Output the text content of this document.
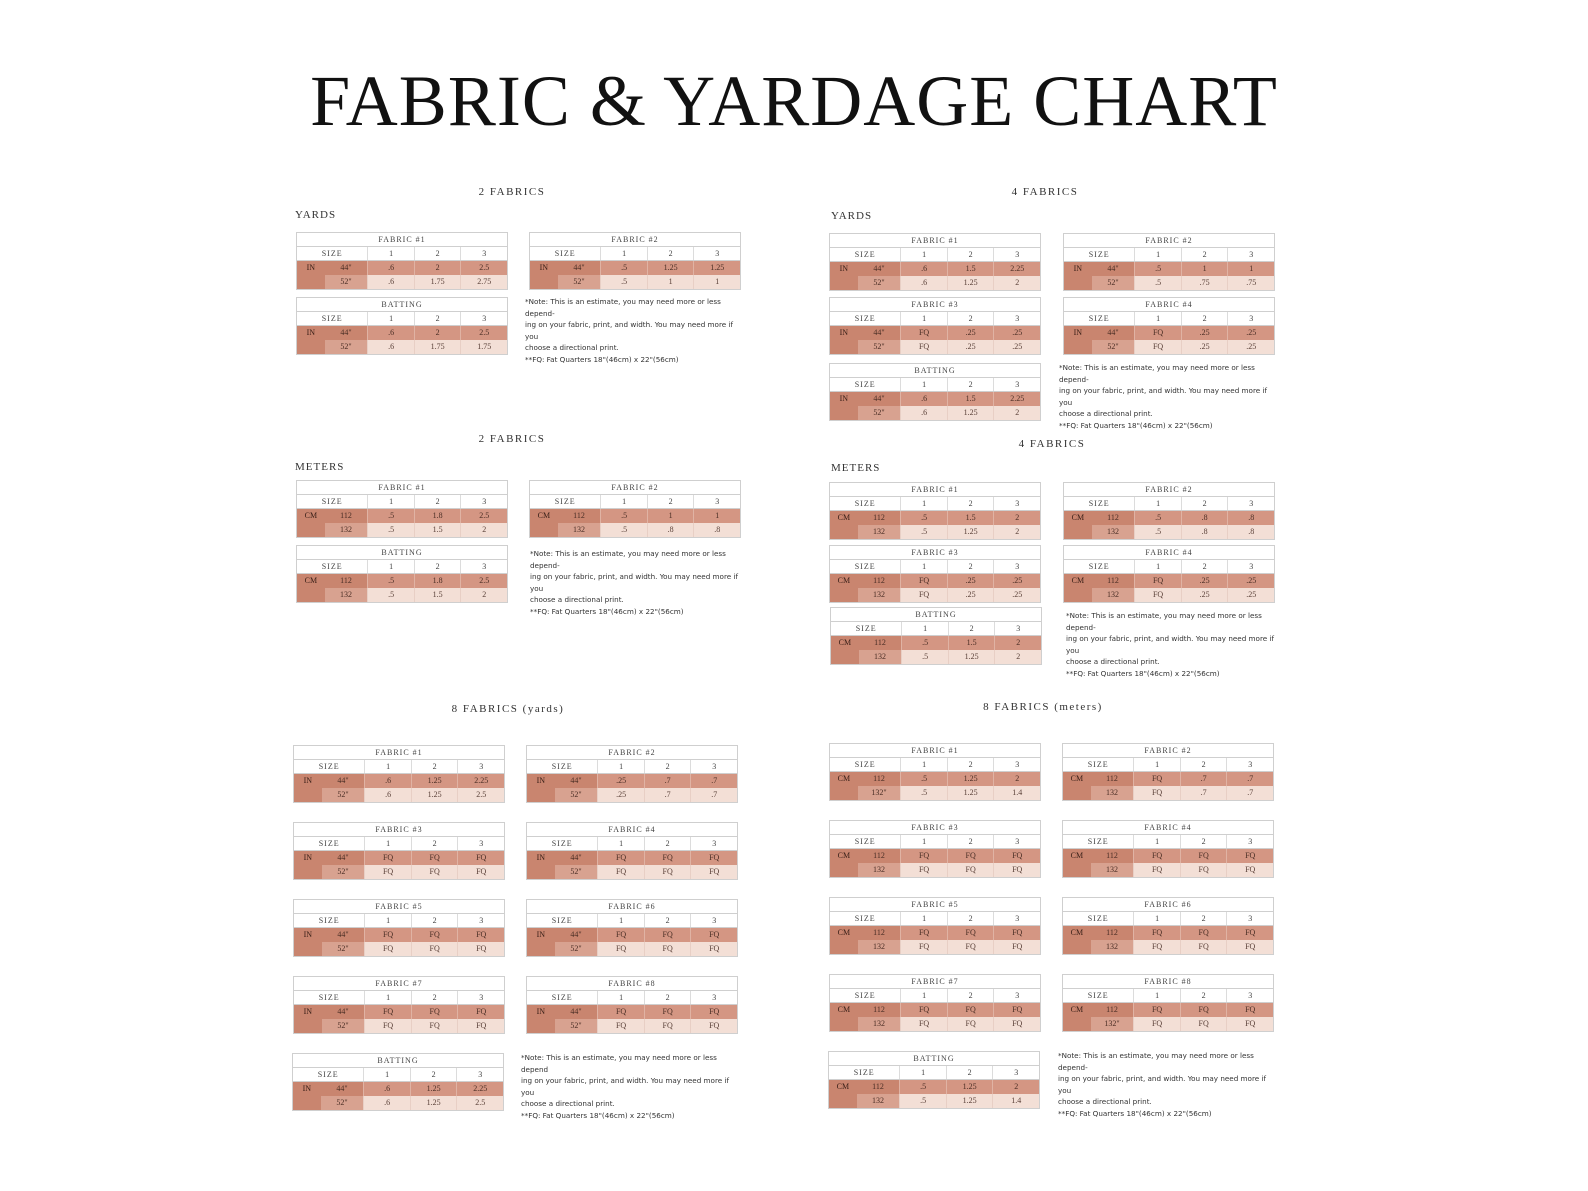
FABRIC & YARDAGE CHART
2 FABRICS
YARDS
FABRIC #1
SIZE	1	2	3
IN	44"	.6	2	2.5
52"	.6	1.75	2.75
FABRIC #2
SIZE	1	2	3
IN	44"	.5	1.25	1.25
52"	.5	1	1
BATTING
SIZE	1	2	3
IN	44"	.6	2	2.5
52"	.6	1.75	1.75

*Note: This is an estimate, you may need more or less depend-

ing on your fabric, print, and width. You may need more if you

choose a directional print.

**FQ: Fat Quarters 18"(46cm) x 22"(56cm)

4 FABRICS
YARDS
FABRIC #1
SIZE	1	2	3
IN	44"	.6	1.5	2.25
52"	.6	1.25	2
FABRIC #2
SIZE	1	2	3
IN	44"	.5	1	1
52"	.5	.75	.75
FABRIC #3
SIZE	1	2	3
IN	44"	FQ	.25	.25
52"	FQ	.25	.25
FABRIC #4
SIZE	1	2	3
IN	44"	FQ	.25	.25
52"	FQ	.25	.25
BATTING
SIZE	1	2	3
IN	44"	.6	1.5	2.25
52"	.6	1.25	2

*Note: This is an estimate, you may need more or less depend-

ing on your fabric, print, and width. You may need more if you

choose a directional print.

**FQ: Fat Quarters 18"(46cm) x 22"(56cm)

2 FABRICS
METERS
FABRIC #1
SIZE	1	2	3
CM	112	.5	1.8	2.5
132	.5	1.5	2
FABRIC #2
SIZE	1	2	3
CM	112	.5	1	1
132	.5	.8	.8
BATTING
SIZE	1	2	3
CM	112	.5	1.8	2.5
132	.5	1.5	2

*Note: This is an estimate, you may need more or less depend-

ing on your fabric, print, and width. You may need more if you

choose a directional print.

**FQ: Fat Quarters 18"(46cm) x 22"(56cm)

4 FABRICS
METERS
FABRIC #1
SIZE	1	2	3
CM	112	.5	1.5	2
132	.5	1.25	2
FABRIC #2
SIZE	1	2	3
CM	112	.5	.8	.8
132	.5	.8	.8
FABRIC #3
SIZE	1	2	3
CM	112	FQ	.25	.25
132	FQ	.25	.25
FABRIC #4
SIZE	1	2	3
CM	112	FQ	.25	.25
132	FQ	.25	.25
BATTING
SIZE	1	2	3
CM	112	.5	1.5	2
132	.5	1.25	2

*Note: This is an estimate, you may need more or less depend-

ing on your fabric, print, and width. You may need more if you

choose a directional print.

**FQ: Fat Quarters 18"(46cm) x 22"(56cm)

8 FABRICS (yards)
FABRIC #1
SIZE	1	2	3
IN	44"	.6	1.25	2.25
52"	.6	1.25	2.5
FABRIC #2
SIZE	1	2	3
IN	44"	.25	.7	.7
52"	.25	.7	.7
FABRIC #3
SIZE	1	2	3
IN	44"	FQ	FQ	FQ
52"	FQ	FQ	FQ
FABRIC #4
SIZE	1	2	3
IN	44"	FQ	FQ	FQ
52"	FQ	FQ	FQ
FABRIC #5
SIZE	1	2	3
IN	44"	FQ	FQ	FQ
52"	FQ	FQ	FQ
FABRIC #6
SIZE	1	2	3
IN	44"	FQ	FQ	FQ
52"	FQ	FQ	FQ
FABRIC #7
SIZE	1	2	3
IN	44"	FQ	FQ	FQ
52"	FQ	FQ	FQ
FABRIC #8
SIZE	1	2	3
IN	44"	FQ	FQ	FQ
52"	FQ	FQ	FQ
BATTING
SIZE	1	2	3
IN	44"	.6	1.25	2.25
52"	.6	1.25	2.5

*Note: This is an estimate, you may need more or less depend

ing on your fabric, print, and width. You may need more if you

choose a directional print.

**FQ: Fat Quarters 18"(46cm) x 22"(56cm)

8 FABRICS (meters)
FABRIC #1
SIZE	1	2	3
CM	112	.5	1.25	2
132"	.5	1.25	1.4
FABRIC #2
SIZE	1	2	3
CM	112	FQ	.7	.7
132	FQ	.7	.7
FABRIC #3
SIZE	1	2	3
CM	112	FQ	FQ	FQ
132	FQ	FQ	FQ
FABRIC #4
SIZE	1	2	3
CM	112	FQ	FQ	FQ
132	FQ	FQ	FQ
FABRIC #5
SIZE	1	2	3
CM	112	FQ	FQ	FQ
132	FQ	FQ	FQ
FABRIC #6
SIZE	1	2	3
CM	112	FQ	FQ	FQ
132	FQ	FQ	FQ
FABRIC #7
SIZE	1	2	3
CM	112	FQ	FQ	FQ
132	FQ	FQ	FQ
FABRIC #8
SIZE	1	2	3
CM	112	FQ	FQ	FQ
132"	FQ	FQ	FQ
BATTING
SIZE	1	2	3
CM	112	.5	1.25	2
132	.5	1.25	1.4

*Note: This is an estimate, you may need more or less depend-

ing on your fabric, print, and width. You may need more if you

choose a directional print.

**FQ: Fat Quarters 18"(46cm) x 22"(56cm)
